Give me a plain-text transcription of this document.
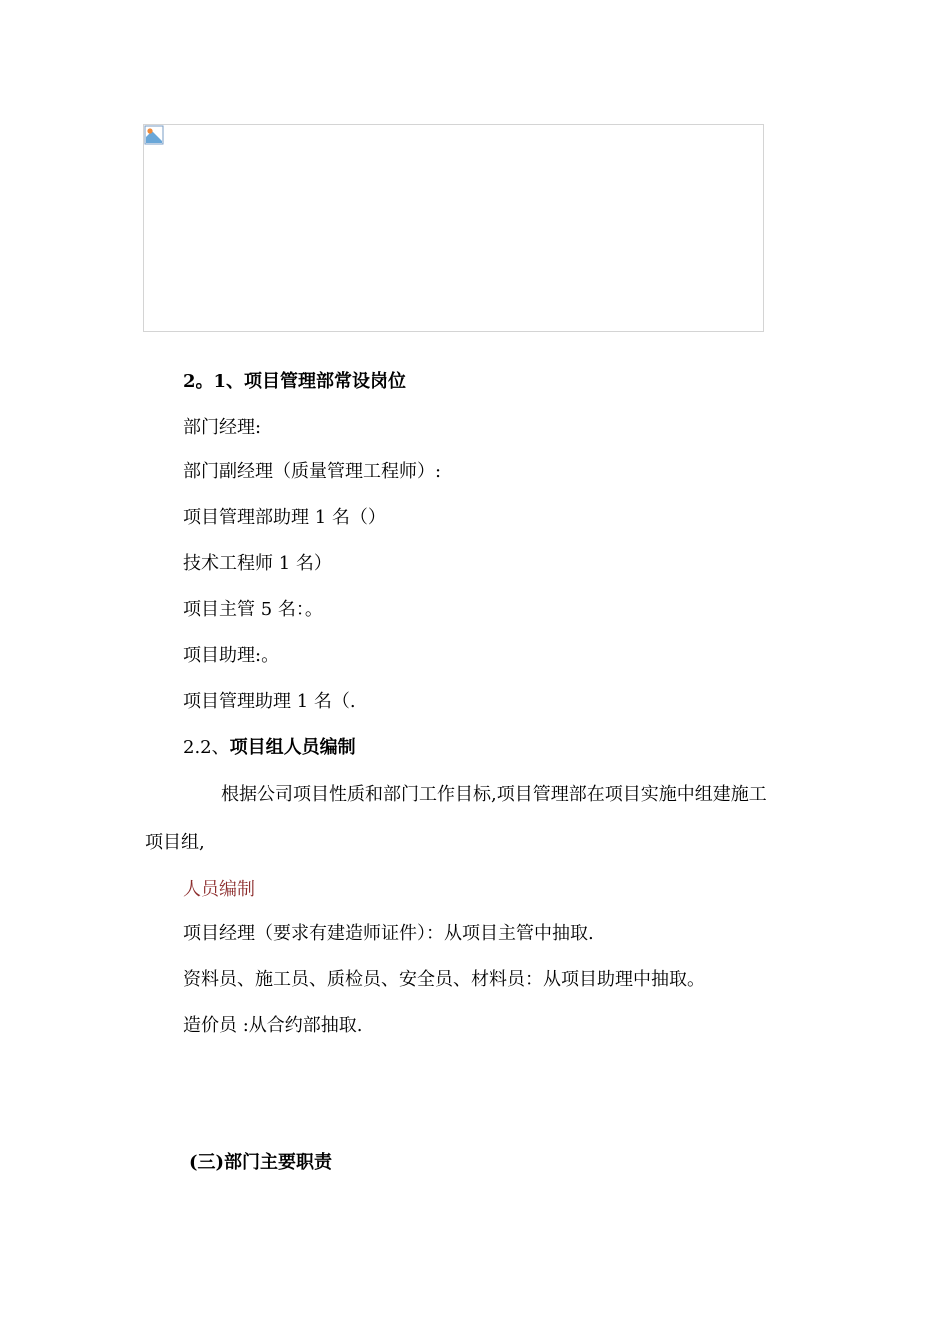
2。1、项目管理部常设岗位
部门经理:
部门副经理（质量管理工程师）:
项目管理部助理 1 名（）
技术工程师 1 名）
项目主管 5 名：。
项目助理:。
项目管理助理 1 名（.
2.2、项目组人员编制
根据公司项目性质和部门工作目标,项目管理部在项目实施中组建施工
项目组,
人员编制
项目经理（要求有建造师证件）：从项目主管中抽取.
资料员、施工员、质检员、安全员、材料员：从项目助理中抽取。
造价员 :从合约部抽取.
(三)部门主要职责
